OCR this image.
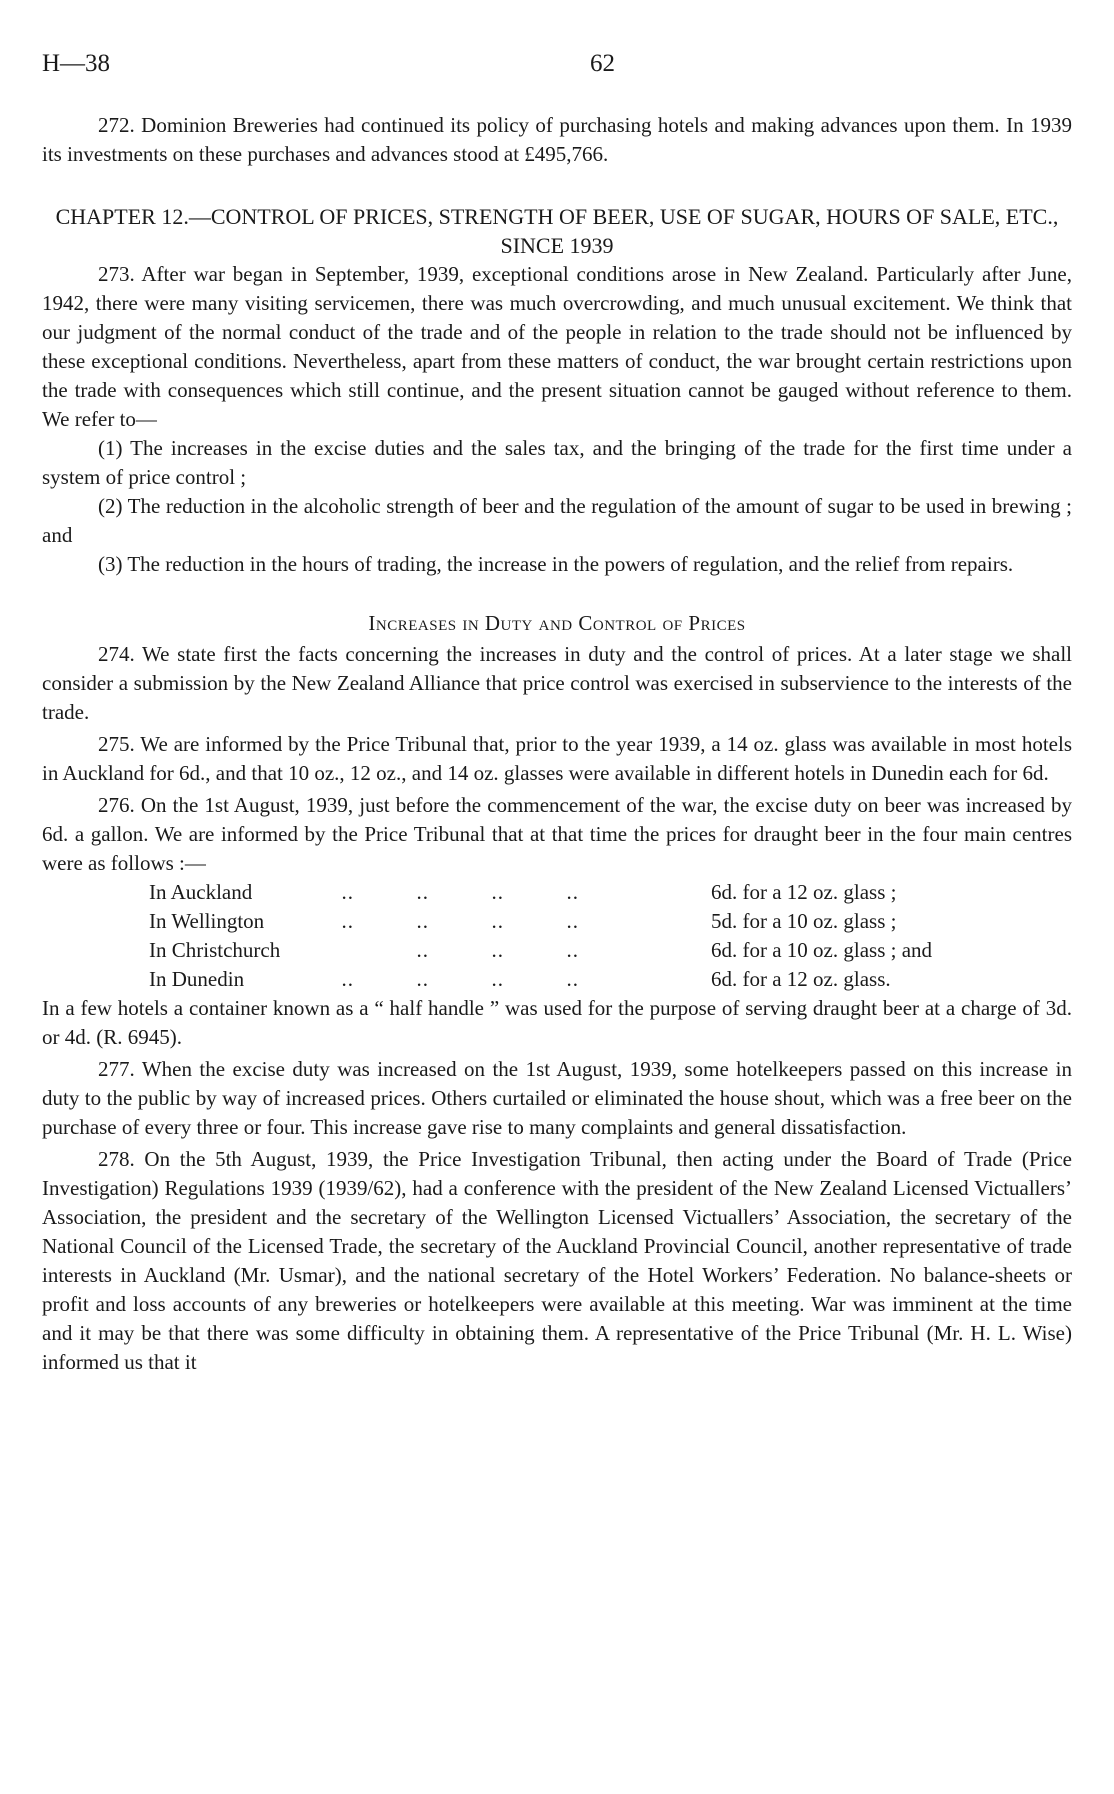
H—38	62

272. Dominion Breweries had continued its policy of purchasing hotels and making advances upon them. In 1939 its investments on these purchases and advances stood at £495,766.

CHAPTER 12.—CONTROL OF PRICES, STRENGTH OF BEER, USE OF SUGAR, HOURS OF SALE, ETC., SINCE 1939

273. After war began in September, 1939, exceptional conditions arose in New Zealand. Particularly after June, 1942, there were many visiting servicemen, there was much overcrowding, and much unusual excitement. We think that our judgment of the normal conduct of the trade and of the people in relation to the trade should not be influenced by these exceptional conditions. Nevertheless, apart from these matters of conduct, the war brought certain restrictions upon the trade with consequences which still continue, and the present situation cannot be gauged without reference to them. We refer to—

(1) The increases in the excise duties and the sales tax, and the bringing of the trade for the first time under a system of price control ;

(2) The reduction in the alcoholic strength of beer and the regulation of the amount of sugar to be used in brewing ; and

(3) The reduction in the hours of trading, the increase in the powers of regulation, and the relief from repairs.

Increases in Duty and Control of Prices

274. We state first the facts concerning the increases in duty and the control of prices. At a later stage we shall consider a submission by the New Zealand Alliance that price control was exercised in subservience to the interests of the trade.

275. We are informed by the Price Tribunal that, prior to the year 1939, a 14 oz. glass was available in most hotels in Auckland for 6d., and that 10 oz., 12 oz., and 14 oz. glasses were available in different hotels in Dunedin each for 6d.

276. On the 1st August, 1939, just before the commencement of the war, the excise duty on beer was increased by 6d. a gallon. We are informed by the Price Tribunal that at that time the prices for draught beer in the four main centres were as follows :—

In Auckland	..          ..          ..          ..	6d. for a 12 oz. glass ;
In Wellington	..          ..          ..          ..	5d. for a 10 oz. glass ;
In Christchurch	..          ..          ..	6d. for a 10 oz. glass ; and
In Dunedin	..          ..          ..          ..	6d. for a 12 oz. glass.

In a few hotels a container known as a “ half handle ” was used for the purpose of serving draught beer at a charge of 3d. or 4d. (R. 6945).

277. When the excise duty was increased on the 1st August, 1939, some hotelkeepers passed on this increase in duty to the public by way of increased prices. Others curtailed or eliminated the house shout, which was a free beer on the purchase of every three or four. This increase gave rise to many complaints and general dissatisfaction.

278. On the 5th August, 1939, the Price Investigation Tribunal, then acting under the Board of Trade (Price Investigation) Regulations 1939 (1939/62), had a conference with the president of the New Zealand Licensed Victuallers’ Association, the president and the secretary of the Wellington Licensed Victuallers’ Association, the secretary of the National Council of the Licensed Trade, the secretary of the Auckland Provincial Council, another representative of trade interests in Auckland (Mr. Usmar), and the national secretary of the Hotel Workers’ Federation. No balance-sheets or profit and loss accounts of any breweries or hotelkeepers were available at this meeting. War was imminent at the time and it may be that there was some difficulty in obtaining them. A representative of the Price Tribunal (Mr. H. L. Wise) informed us that it
